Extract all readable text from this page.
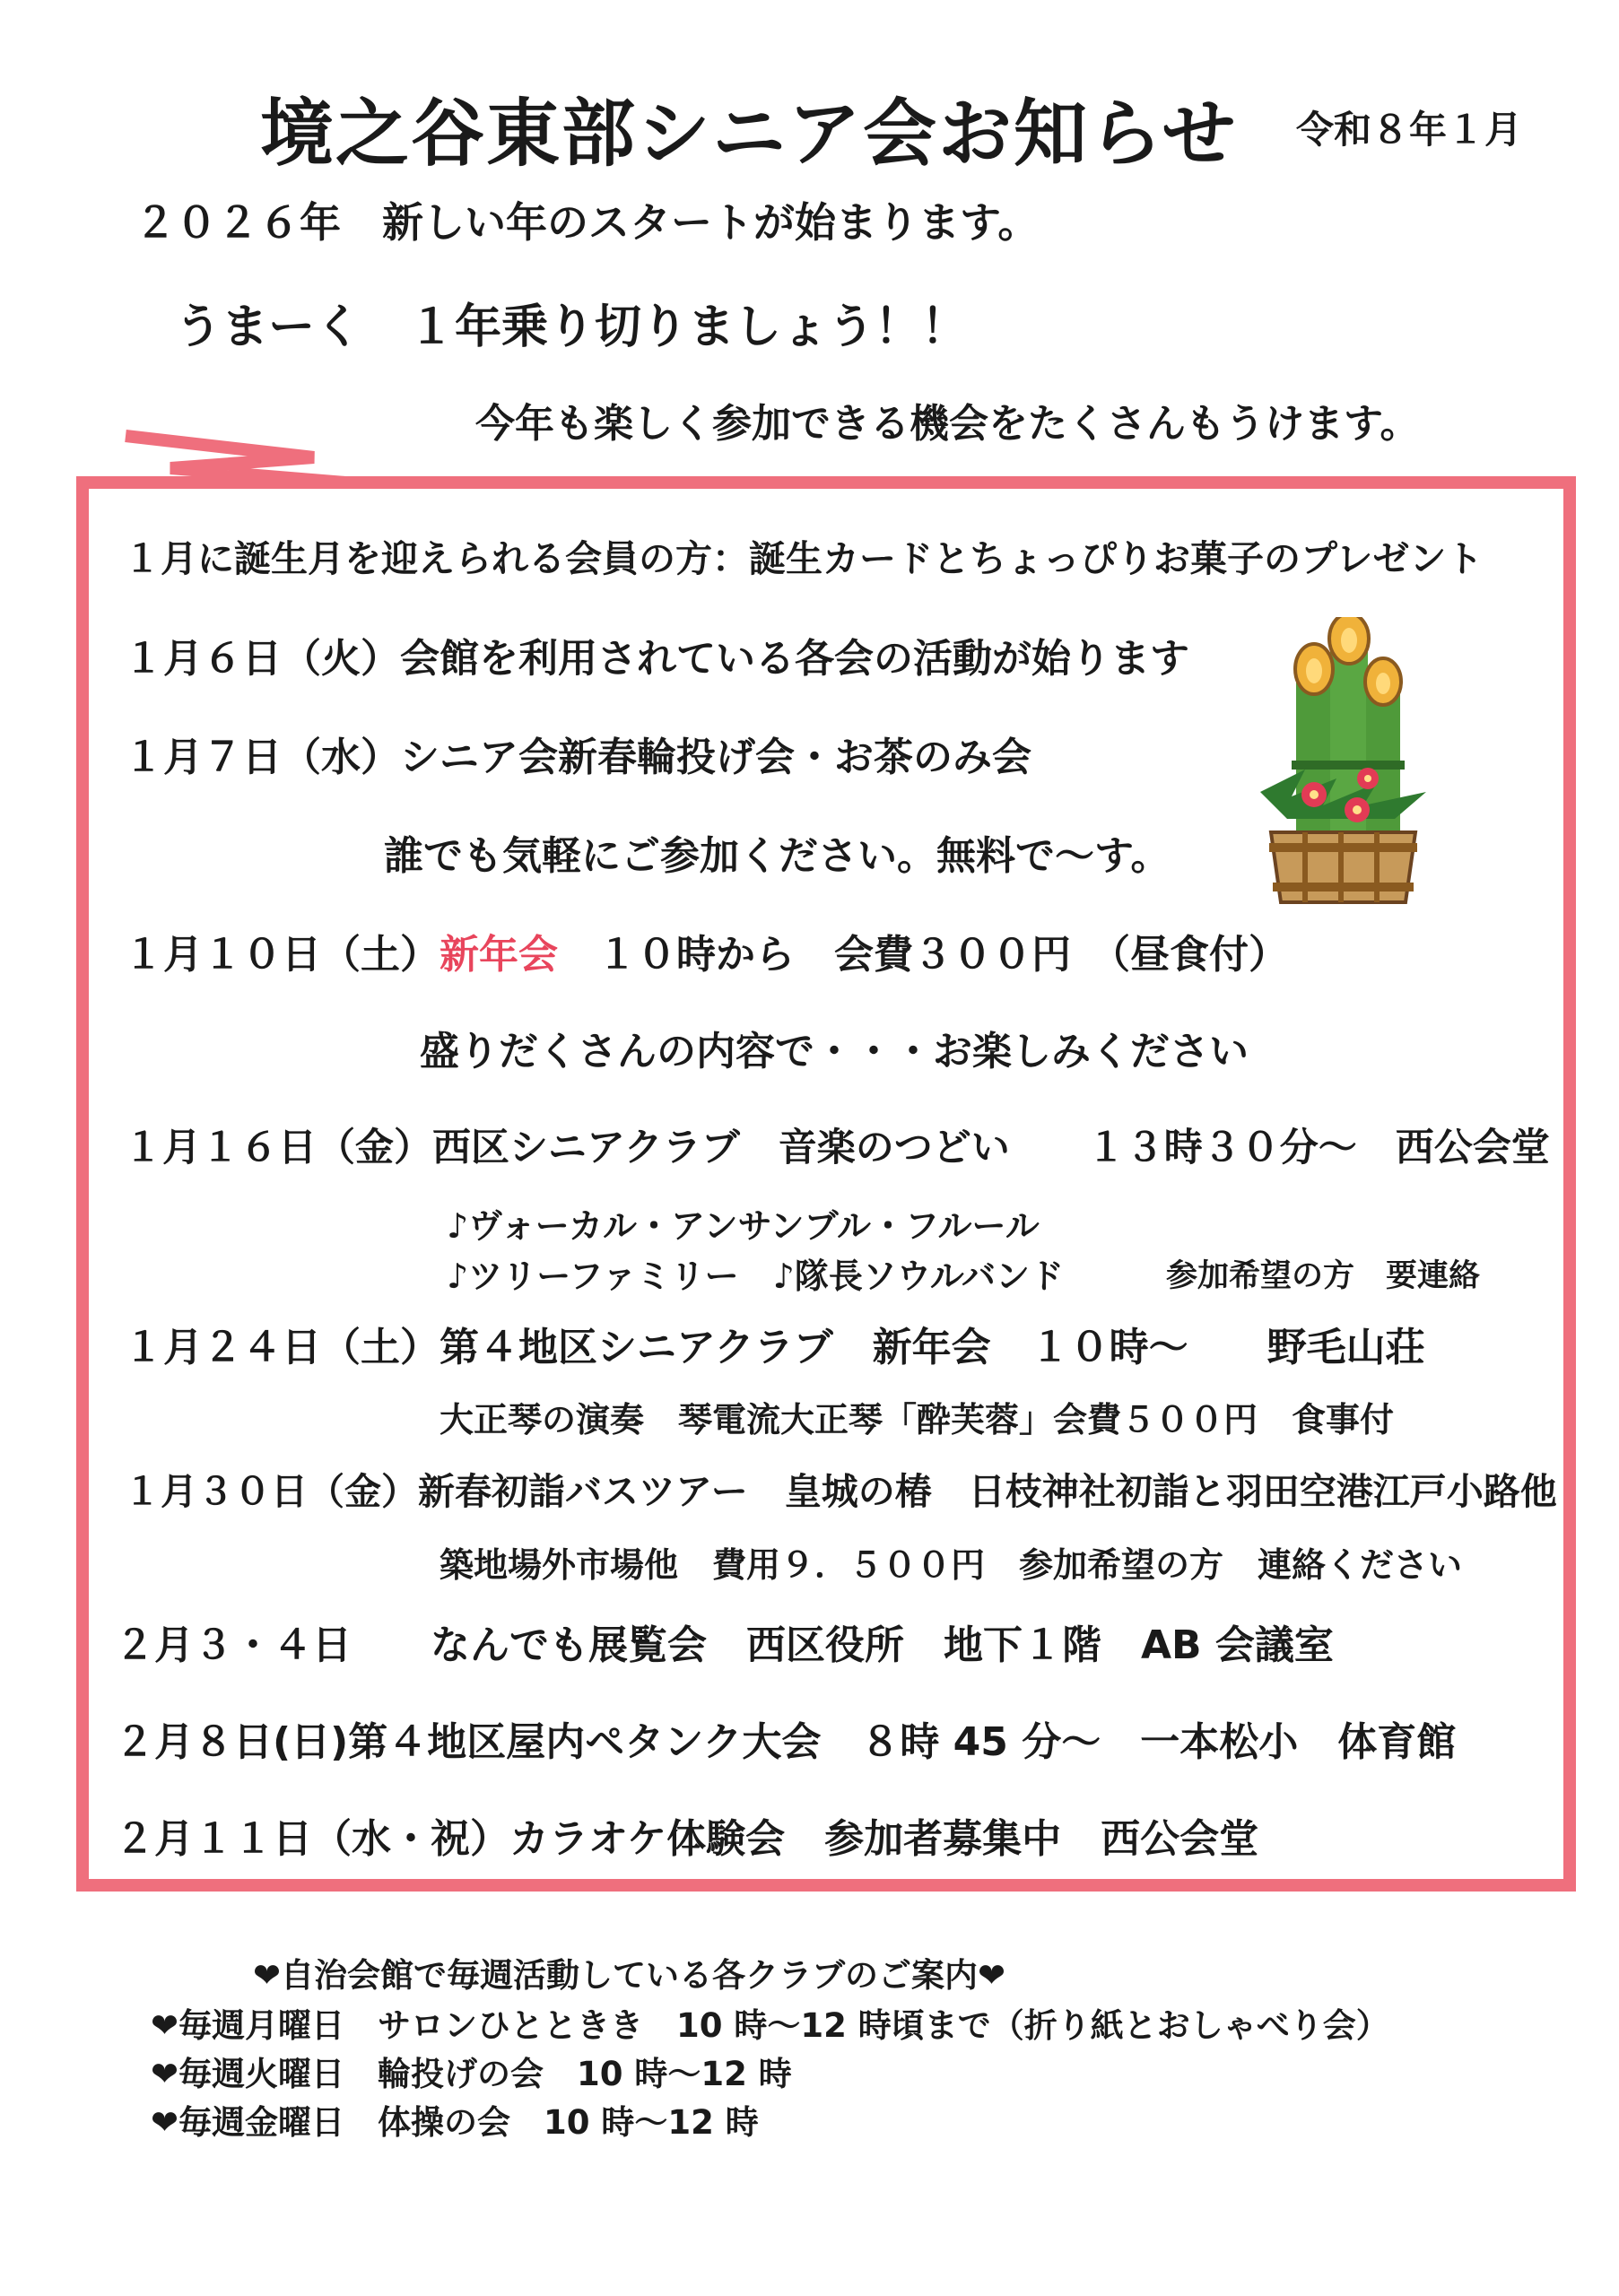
境之谷東部シニア会お知らせ 令和８年１月
２０２６年　新しい年のスタートが始まります。
うまーく　１年乗り切りましょう！！
今年も楽しく参加できる機会をたくさんもうけます。
１月に誕生月を迎えられる会員の方：誕生カードとちょっぴりお菓子のプレゼント
１月６日（火）会館を利用されている各会の活動が始ります
１月７日（水）シニア会新春輪投げ会・お茶のみ会
誰でも気軽にご参加ください。無料で～す。
１月１０日（土）新年会　１０時から　会費３００円　（昼食付）
盛りだくさんの内容で・・・お楽しみください
１月１６日（金）西区シニアクラブ　音楽のつどい　　１３時３０分～　西公会堂
♪ヴォーカル・アンサンブル・フルール
♪ツリーファミリー　♪隊長ソウルバンド	参加希望の方　要連絡
１月２４日（土）第４地区シニアクラブ　新年会　１０時～　　野毛山荘
大正琴の演奏　琴電流大正琴「酔芙蓉」会費５００円　食事付
１月３０日（金）新春初詣バスツアー　皇城の椿　日枝神社初詣と羽田空港江戸小路他
築地場外市場他　費用９．５００円　参加希望の方　連絡ください
２月３・４日　　なんでも展覧会　西区役所　地下１階　AB 会議室
２月８日(日)第４地区屋内ペタンク大会　８時 45 分～　一本松小　体育館
２月１１日（水・祝）カラオケ体験会　参加者募集中　西公会堂
❤自治会館で毎週活動している各クラブのご案内❤
❤毎週月曜日　サロンひとときき　10 時～12 時頃まで（折り紙とおしゃべり会）
❤毎週火曜日　輪投げの会　10 時～12 時
❤毎週金曜日　体操の会　10 時～12 時
